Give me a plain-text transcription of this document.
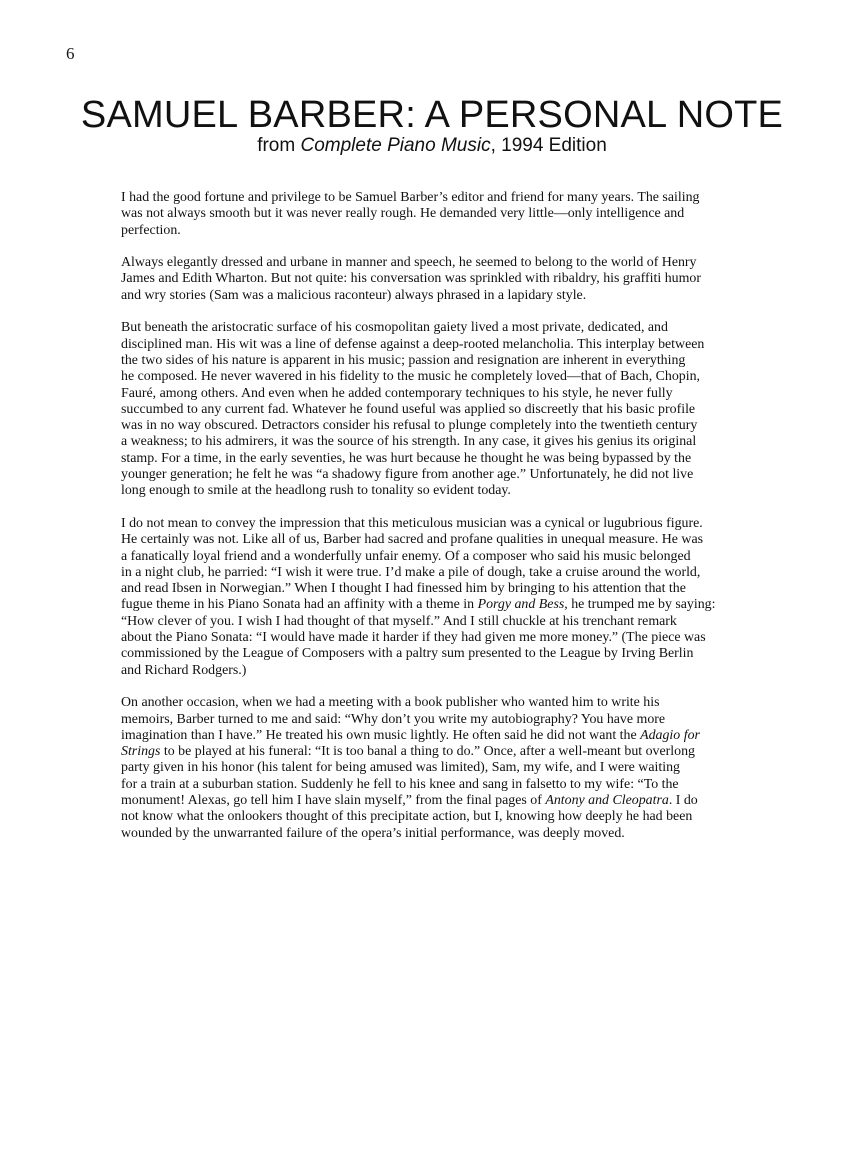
6
SAMUEL BARBER: A PERSONAL NOTE
from Complete Piano Music, 1994 Edition

I had the good fortune and privilege to be Samuel Barber’s editor and friend for many years. The sailing
was not always smooth but it was never really rough. He demanded very little—only intelligence and
perfection.

Always elegantly dressed and urbane in manner and speech, he seemed to belong to the world of Henry
James and Edith Wharton. But not quite: his conversation was sprinkled with ribaldry, his graffiti humor
and wry stories (Sam was a malicious raconteur) always phrased in a lapidary style.

But beneath the aristocratic surface of his cosmopolitan gaiety lived a most private, dedicated, and
disciplined man. His wit was a line of defense against a deep-rooted melancholia. This interplay between
the two sides of his nature is apparent in his music; passion and resignation are inherent in everything
he composed. He never wavered in his fidelity to the music he completely loved—that of Bach, Chopin,
Fauré, among others. And even when he added contemporary techniques to his style, he never fully
succumbed to any current fad. Whatever he found useful was applied so discreetly that his basic profile
was in no way obscured. Detractors consider his refusal to plunge completely into the twentieth century
a weakness; to his admirers, it was the source of his strength. In any case, it gives his genius its original
stamp. For a time, in the early seventies, he was hurt because he thought he was being bypassed by the
younger generation; he felt he was “a shadowy figure from another age.” Unfortunately, he did not live
long enough to smile at the headlong rush to tonality so evident today.

I do not mean to convey the impression that this meticulous musician was a cynical or lugubrious figure.
He certainly was not. Like all of us, Barber had sacred and profane qualities in unequal measure. He was
a fanatically loyal friend and a wonderfully unfair enemy. Of a composer who said his music belonged
in a night club, he parried: “I wish it were true. I’d make a pile of dough, take a cruise around the world,
and read Ibsen in Norwegian.” When I thought I had finessed him by bringing to his attention that the
fugue theme in his Piano Sonata had an affinity with a theme in Porgy and Bess, he trumped me by saying:
“How clever of you. I wish I had thought of that myself.” And I still chuckle at his trenchant remark
about the Piano Sonata: “I would have made it harder if they had given me more money.” (The piece was
commissioned by the League of Composers with a paltry sum presented to the League by Irving Berlin
and Richard Rodgers.)

On another occasion, when we had a meeting with a book publisher who wanted him to write his
memoirs, Barber turned to me and said: “Why don’t you write my autobiography? You have more
imagination than I have.” He treated his own music lightly. He often said he did not want the Adagio for
Strings to be played at his funeral: “It is too banal a thing to do.” Once, after a well-meant but overlong
party given in his honor (his talent for being amused was limited), Sam, my wife, and I were waiting
for a train at a suburban station. Suddenly he fell to his knee and sang in falsetto to my wife: “To the
monument! Alexas, go tell him I have slain myself,” from the final pages of Antony and Cleopatra. I do
not know what the onlookers thought of this precipitate action, but I, knowing how deeply he had been
wounded by the unwarranted failure of the opera’s initial performance, was deeply moved.
